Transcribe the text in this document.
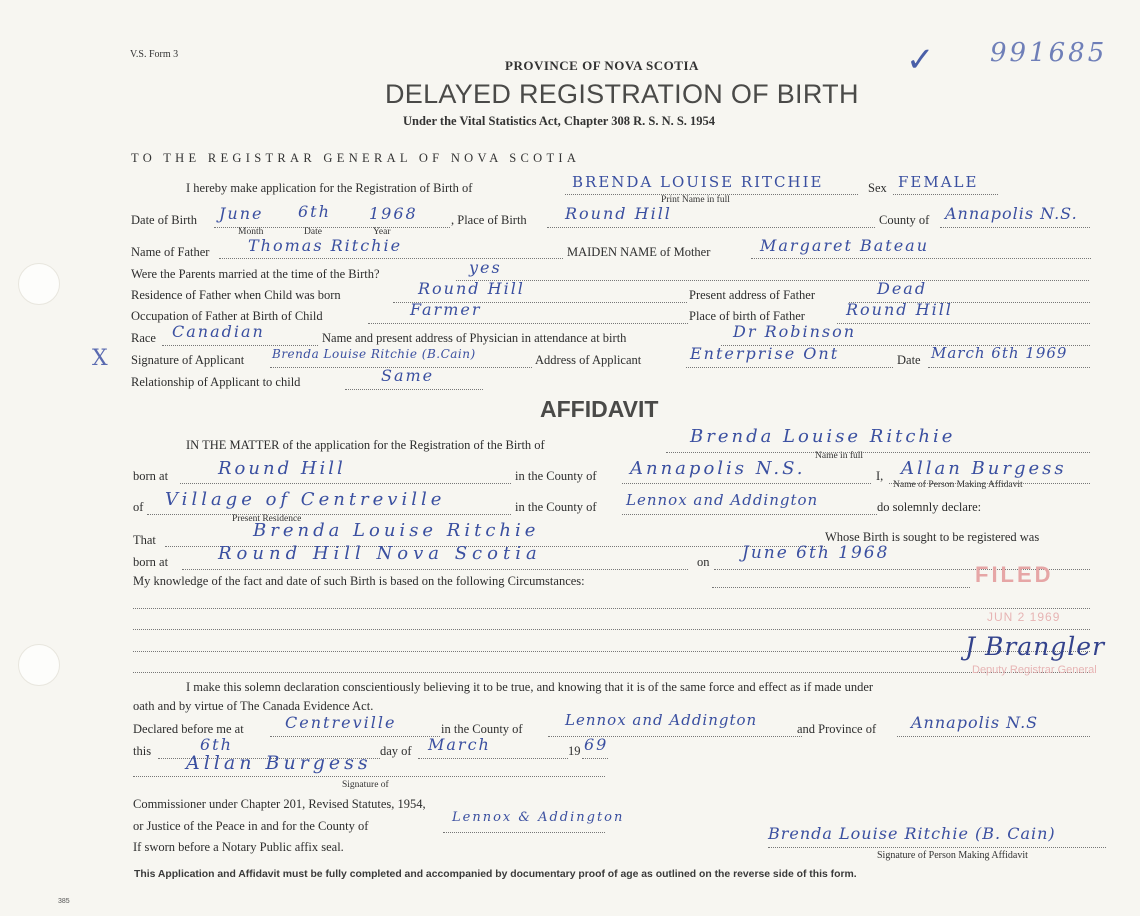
V.S. Form 3
PROVINCE OF NOVA SCOTIA
DELAYED REGISTRATION OF BIRTH
Under the Vital Statistics Act, Chapter 308 R. S. N. S. 1954
✓ 991685
TO THE REGISTRAR GENERAL OF NOVA SCOTIA
I hereby make application for the Registration of Birth of	BRENDA LOUISE RITCHIE
Print Name in full
Sex FEMALE
Date of Birth June 6th 1968
Month	Date	Year
, Place of Birth Round Hill	County of Annapolis N.S.
Name of Father Thomas Ritchie	MAIDEN NAME of Mother	Margaret Bateau
Were the Parents married at the time of the Birth?	yes
Residence of Father when Child was born	Round Hill	Present address of Father	Dead
Occupation of Father at Birth of Child	Farmer	Place of birth of Father	Round Hill
Race Canadian	Name and present address of Physician in attendance at birth	Dr Robinson
X Signature of Applicant Brenda Louise Ritchie (B.Cain)	Address of Applicant	Enterprise Ont	Date March 6th 1969
Relationship of Applicant to child	Same
AFFIDAVIT
IN THE MATTER of the application for the Registration of the Birth of	Brenda Louise Ritchie
Name in full
born at	Round Hill	in the County of Annapolis N.S.	I, Allan Burgess
Name of Person Making Affidavit
of Village of Centreville
Present Residence
in the County of Lennox and Addington	do solemnly declare:
That	Brenda Louise Ritchie	Whose Birth is sought to be registered was
born at	Round Hill Nova Scotia	on June 6th 1968
My knowledge of the fact and date of such Birth is based on the following Circumstances:	FILED
JUN 2 1969
Deputy Registrar General
J Brangler
I make this solemn declaration conscientiously believing it to be true, and knowing that it is of the same force and effect as if made under
oath and by virtue of The Canada Evidence Act.
Declared before me at	Centreville	in the County of	Lennox and Addington	and Province of Annapolis N.S
this	6th	day of March	19 69
Allan Burgess
Signature of
Commissioner under Chapter 201, Revised Statutes, 1954,
or Justice of the Peace in and for the County of
Lennox & Addington
If sworn before a Notary Public affix seal.
Brenda Louise Ritchie (B. Cain)
Signature of Person Making Affidavit
This Application and Affidavit must be fully completed and accompanied by documentary proof of age as outlined on the reverse side of this form.
385
